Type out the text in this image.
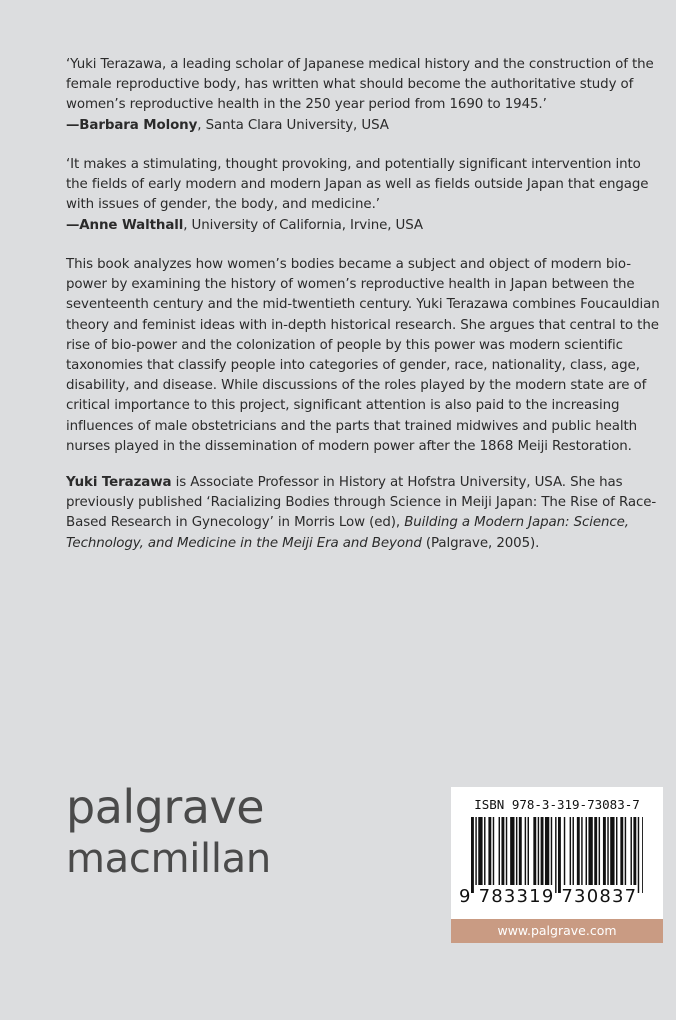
‘Yuki Terazawa, a leading scholar of Japanese medical history and the construction of the female reproductive body, has written what should become the authoritative study of women’s reproductive health in the 250 year period from 1690 to 1945.’

—Barbara Molony, Santa Clara University, USA

‘It makes a stimulating, thought provoking, and potentially significant intervention into the fields of early modern and modern Japan as well as fields outside Japan that engage with issues of gender, the body, and medicine.’

—Anne Walthall, University of California, Irvine, USA

This book analyzes how women’s bodies became a subject and object of modern bio-power by examining the history of women’s reproductive health in Japan between the seventeenth century and the mid-twentieth century. Yuki Terazawa combines Foucauldian theory and feminist ideas with in-depth historical research. She argues that central to the rise of bio-power and the colonization of people by this power was modern scientific taxonomies that classify people into categories of gender, race, nationality, class, age, disability, and disease. While discussions of the roles played by the modern state are of critical importance to this project, significant attention is also paid to the increasing influences of male obstetricians and the parts that trained midwives and public health nurses played in the dissemination of modern power after the 1868 Meiji Restoration.

Yuki Terazawa is Associate Professor in History at Hofstra University, USA. She has previously published ‘Racializing Bodies through Science in Meiji Japan: The Rise of Race-Based Research in Gynecology’ in Morris Low (ed), Building a Modern Japan: Science, Technology, and Medicine in the Meiji Era and Beyond (Palgrave, 2005).

palgrave
macmillan
ISBN 978-3-319-73083-7
9 783319 730837
www.palgrave.com
